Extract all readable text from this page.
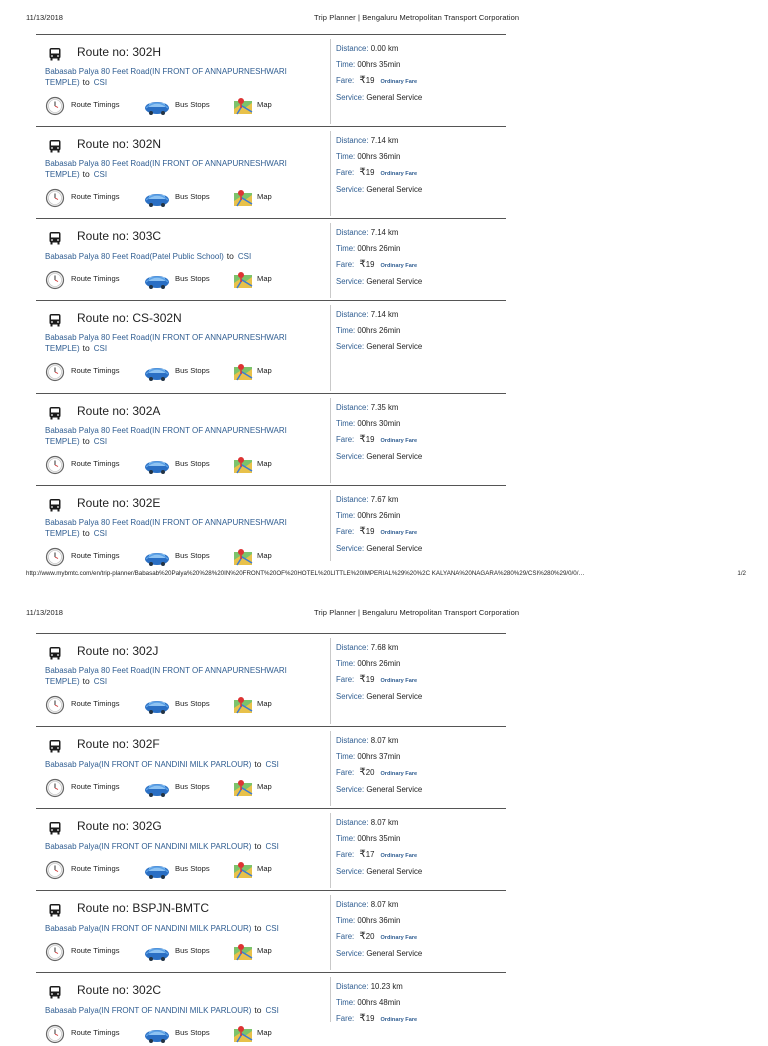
11/13/2018	Trip Planner | Bengaluru Metropolitan Transport Corporation
http://www.mybmtc.com/en/trip-planner/Babasab%20Palya%20%28%20IN%20FRONT%20OF%20HOTEL%20LITTLE%20IMPERIAL%29%20%2C KALYANA%20NAGARA%280%29/CSI%280%29/0/0/…	1/2
11/13/2018	Trip Planner | Bengaluru Metropolitan Transport Corporation
Route no: 302H
Babasab Palya 80 Feet Road(IN FRONT OF ANNAPURNESHWARI TEMPLE) to CSI
Route Timings	Bus Stops	Map
Distance: 0.00 km
Time: 00hrs 35min
Fare: ₹19 Ordinary Fare
Service: General Service
Route no: 302N
Babasab Palya 80 Feet Road(IN FRONT OF ANNAPURNESHWARI TEMPLE) to CSI
Route Timings	Bus Stops	Map
Distance: 7.14 km
Time: 00hrs 36min
Fare: ₹19 Ordinary Fare
Service: General Service
Route no: 303C
Babasab Palya 80 Feet Road(Patel Public School) to CSI
Route Timings	Bus Stops	Map
Distance: 7.14 km
Time: 00hrs 26min
Fare: ₹19 Ordinary Fare
Service: General Service
Route no: CS-302N
Babasab Palya 80 Feet Road(IN FRONT OF ANNAPURNESHWARI TEMPLE) to CSI
Route Timings	Bus Stops	Map
Distance: 7.14 km
Time: 00hrs 26min
Service: General Service
Route no: 302A
Babasab Palya 80 Feet Road(IN FRONT OF ANNAPURNESHWARI TEMPLE) to CSI
Route Timings	Bus Stops	Map
Distance: 7.35 km
Time: 00hrs 30min
Fare: ₹19 Ordinary Fare
Service: General Service
Route no: 302E
Babasab Palya 80 Feet Road(IN FRONT OF ANNAPURNESHWARI TEMPLE) to CSI
Route Timings	Bus Stops	Map
Distance: 7.67 km
Time: 00hrs 26min
Fare: ₹19 Ordinary Fare
Service: General Service
Route no: 302J
Babasab Palya 80 Feet Road(IN FRONT OF ANNAPURNESHWARI TEMPLE) to CSI
Route Timings	Bus Stops	Map
Distance: 7.68 km
Time: 00hrs 26min
Fare: ₹19 Ordinary Fare
Service: General Service
Route no: 302F
Babasab Palya(IN FRONT OF NANDINI MILK PARLOUR) to CSI
Route Timings	Bus Stops	Map
Distance: 8.07 km
Time: 00hrs 37min
Fare: ₹20 Ordinary Fare
Service: General Service
Route no: 302G
Babasab Palya(IN FRONT OF NANDINI MILK PARLOUR) to CSI
Route Timings	Bus Stops	Map
Distance: 8.07 km
Time: 00hrs 35min
Fare: ₹17 Ordinary Fare
Service: General Service
Route no: BSPJN-BMTC
Babasab Palya(IN FRONT OF NANDINI MILK PARLOUR) to CSI
Route Timings	Bus Stops	Map
Distance: 8.07 km
Time: 00hrs 36min
Fare: ₹20 Ordinary Fare
Service: General Service
Route no: 302C
Babasab Palya(IN FRONT OF NANDINI MILK PARLOUR) to CSI
Route Timings	Bus Stops	Map
Distance: 10.23 km
Time: 00hrs 48min
Fare: ₹19 Ordinary Fare
